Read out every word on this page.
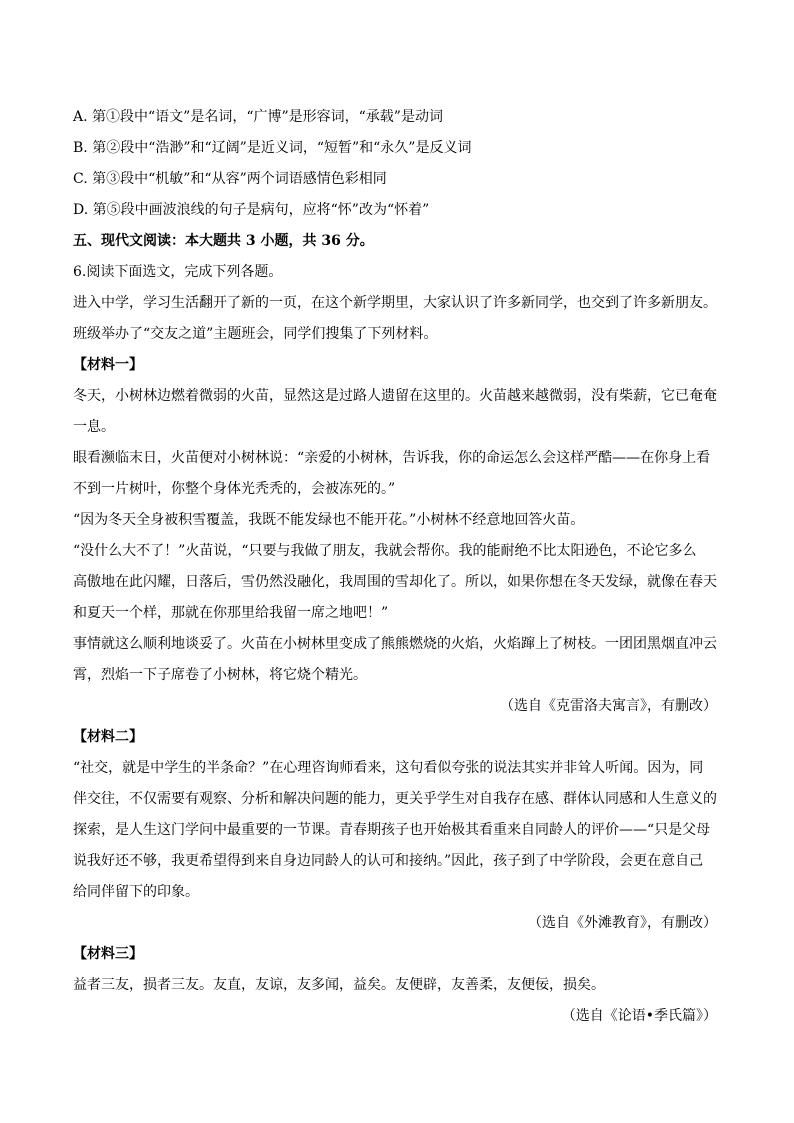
A. 第①段中“语文”是名词，“广博”是形容词，“承载”是动词

B. 第②段中“浩渺”和“辽阔”是近义词，“短暂”和“永久”是反义词

C. 第③段中“机敏”和“从容”两个词语感情色彩相同

D. 第⑤段中画波浪线的句子是病句，应将“怀”改为“怀着”

五、现代文阅读：本大题共 3 小题，共 36 分。

6.阅读下面选文，完成下列各题。

进入中学，学习生活翻开了新的一页，在这个新学期里，大家认识了许多新同学，也交到了许多新朋友。

班级举办了“交友之道”主题班会，同学们搜集了下列材料。

【材料一】

冬天，小树林边燃着微弱的火苗，显然这是过路人遗留在这里的。火苗越来越微弱，没有柴薪，它已奄奄

一息。

眼看濒临末日，火苗便对小树林说：“亲爱的小树林，告诉我，你的命运怎么会这样严酷——在你身上看

不到一片树叶，你整个身体光秃秃的，会被冻死的。”

“因为冬天全身被积雪覆盖，我既不能发绿也不能开花。”小树林不经意地回答火苗。

“没什么大不了！”火苗说，“只要与我做了朋友，我就会帮你。我的能耐绝不比太阳逊色，不论它多么

高傲地在此闪耀，日落后，雪仍然没融化，我周围的雪却化了。所以，如果你想在冬天发绿，就像在春天

和夏天一个样，那就在你那里给我留一席之地吧！”

事情就这么顺利地谈妥了。火苗在小树林里变成了熊熊燃烧的火焰，火焰蹿上了树枝。一团团黑烟直冲云

霄，烈焰一下子席卷了小树林，将它烧个精光。

（选自《克雷洛夫寓言》，有删改）

【材料二】

“社交，就是中学生的半条命？”在心理咨询师看来，这句看似夸张的说法其实并非耸人听闻。因为，同

伴交往，不仅需要有观察、分析和解决问题的能力，更关乎学生对自我存在感、群体认同感和人生意义的

探索，是人生这门学问中最重要的一节课。青春期孩子也开始极其看重来自同龄人的评价——“只是父母

说我好还不够，我更希望得到来自身边同龄人的认可和接纳。”因此，孩子到了中学阶段，会更在意自己

给同伴留下的印象。

（选自《外滩教育》，有删改）

【材料三】

益者三友，损者三友。友直，友谅，友多闻，益矣。友便辟，友善柔，友便佞，损矣。

（选自《论语•季氏篇》）
